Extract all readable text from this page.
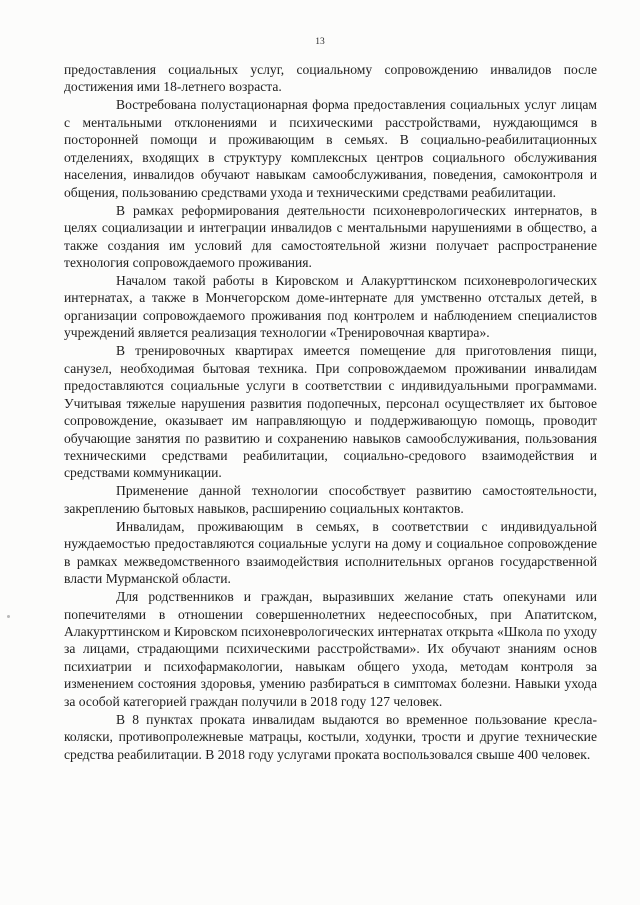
13

предоставления социальных услуг, социальному сопровождению инвалидов после достижения ими 18-летнего возраста.

Востребована полустационарная форма предоставления социальных услуг лицам с ментальными отклонениями и психическими расстройствами, нуждающимся в посторонней помощи и проживающим в семьях. В социально-реабилитационных отделениях, входящих в структуру комплексных центров социального обслуживания населения, инвалидов обучают навыкам самообслуживания, поведения, самоконтроля и общения, пользованию средствами ухода и техническими средствами реабилитации.

В рамках реформирования деятельности психоневрологических интернатов, в целях социализации и интеграции инвалидов с ментальными нарушениями в общество, а также создания им условий для самостоятельной жизни получает распространение технология сопровождаемого проживания.

Началом такой работы в Кировском и Алакурттинском психоневрологических интернатах, а также в Мончегорском доме-интернате для умственно отсталых детей, в организации сопровождаемого проживания под контролем и наблюдением специалистов учреждений является реализация технологии «Тренировочная квартира».

В тренировочных квартирах имеется помещение для приготовления пищи, санузел, необходимая бытовая техника. При сопровождаемом проживании инвалидам предоставляются социальные услуги в соответствии с индивидуальными программами. Учитывая тяжелые нарушения развития подопечных, персонал осуществляет их бытовое сопровождение, оказывает им направляющую и поддерживающую помощь, проводит обучающие занятия по развитию и сохранению навыков самообслуживания, пользования техническими средствами реабилитации, социально-средового взаимодействия и средствами коммуникации.

Применение данной технологии способствует развитию самостоятельности, закреплению бытовых навыков, расширению социальных контактов.

Инвалидам, проживающим в семьях, в соответствии с индивидуальной нуждаемостью предоставляются социальные услуги на дому и социальное сопровождение в рамках межведомственного взаимодействия исполнительных органов государственной власти Мурманской области.

Для родственников и граждан, выразивших желание стать опекунами или попечителями в отношении совершеннолетних недееспособных, при Апатитском, Алакурттинском и Кировском психоневрологических интернатах открыта «Школа по уходу за лицами, страдающими психическими расстройствами». Их обучают знаниям основ психиатрии и психофармакологии, навыкам общего ухода, методам контроля за изменением состояния здоровья, умению разбираться в симптомах болезни. Навыки ухода за особой категорией граждан получили в 2018 году 127 человек.

В 8 пунктах проката инвалидам выдаются во временное пользование кресла-коляски, противопролежневые матрацы, костыли, ходунки, трости и другие технические средства реабилитации. В 2018 году услугами проката воспользовался свыше 400 человек.
